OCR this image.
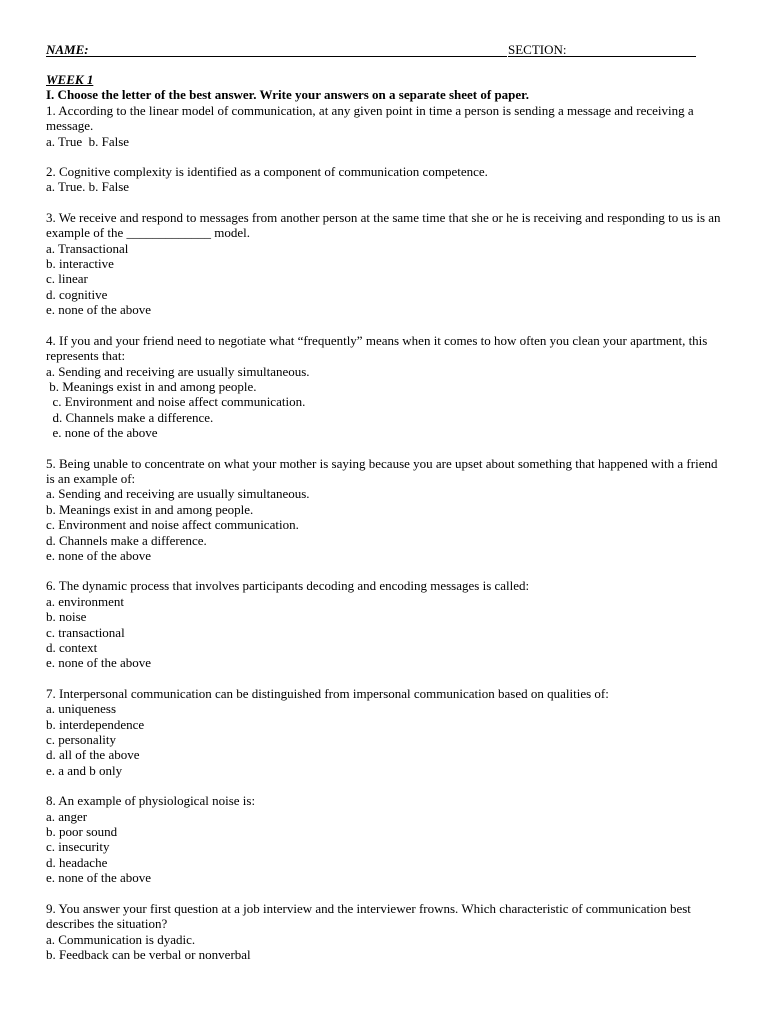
NAME:	SECTION:
WEEK 1
I. Choose the letter of the best answer. Write your answers on a separate sheet of paper.

1. According to the linear model of communication, at any given point in time a person is sending a message and receiving a message.

a. True  b. False

2. Cognitive complexity is identified as a component of communication competence.

a. True. b. False

3. We receive and respond to messages from another person at the same time that she or he is receiving and responding to us is an example of the _____________ model.

a. Transactional

b. interactive

c. linear

d. cognitive

e. none of the above

4. If you and your friend need to negotiate what “frequently” means when it comes to how often you clean your apartment, this represents that:

a. Sending and receiving are usually simultaneous.

b. Meanings exist in and among people.

c. Environment and noise affect communication.

d. Channels make a difference.

e. none of the above

5. Being unable to concentrate on what your mother is saying because you are upset about something that happened with a friend is an example of:

a. Sending and receiving are usually simultaneous.

b. Meanings exist in and among people.

c. Environment and noise affect communication.

d. Channels make a difference.

e. none of the above

6. The dynamic process that involves participants decoding and encoding messages is called:

a. environment

b. noise

c. transactional

d. context

e. none of the above

7. Interpersonal communication can be distinguished from impersonal communication based on qualities of:

a. uniqueness

b. interdependence

c. personality

d. all of the above

e. a and b only

8. An example of physiological noise is:

a. anger

b. poor sound

c. insecurity

d. headache

e. none of the above

9. You answer your first question at a job interview and the interviewer frowns. Which characteristic of communication best describes the situation?

a. Communication is dyadic.

b. Feedback can be verbal or nonverbal
